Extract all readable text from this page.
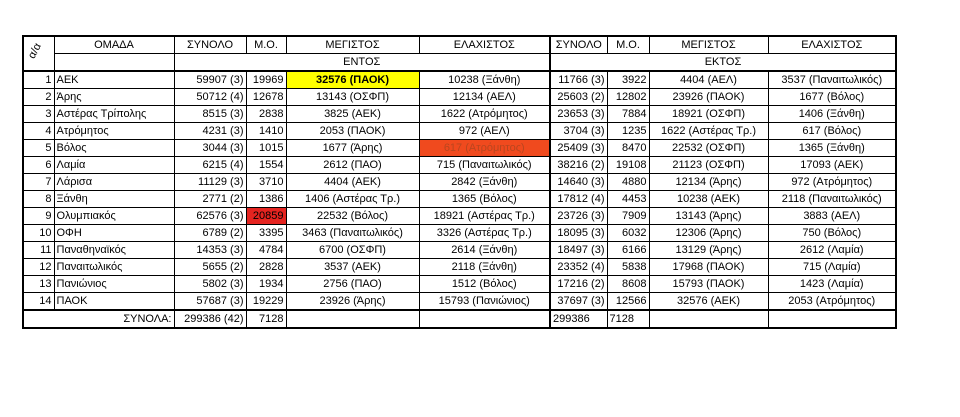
α/α	ΟΜΑΔΑ	ΣΥΝΟΛΟ	Μ.Ο.	ΜΕΓΙΣΤΟΣ	ΕΛΑΧΙΣΤΟΣ	ΣΥΝΟΛΟ	Μ.Ο.	ΜΕΓΙΣΤΟΣ	ΕΛΑΧΙΣΤΟΣ
		ΕΝΤΟΣ				ΕΚΤΟΣ			
1	ΑΕΚ	59907 (3)	19969	32576 (ΠΑΟΚ)	10238 (Ξάνθη)	11766 (3)	3922	4404 (ΑΕΛ)	3537 (Παναιτωλικός)
2	Άρης	50712 (4)	12678	13143 (ΟΣΦΠ)	12134 (ΑΕΛ)	25603 (2)	12802	23926 (ΠΑΟΚ)	1677 (Βόλος)
3	Αστέρας Τρίπολης	8515 (3)	2838	3825 (ΑΕΚ)	1622 (Ατρόμητος)	23653 (3)	7884	18921 (ΟΣΦΠ)	1406 (Ξάνθη)
4	Ατρόμητος	4231 (3)	1410	2053 (ΠΑΟΚ)	972 (ΑΕΛ)	3704 (3)	1235	1622 (Αστέρας Τρ.)	617 (Βόλος)
5	Βόλος	3044 (3)	1015	1677 (Άρης)	617 (Ατρόμητος)	25409 (3)	8470	22532 (ΟΣΦΠ)	1365 (Ξάνθη)
6	Λαμία	6215 (4)	1554	2612 (ΠΑΟ)	715 (Παναιτωλικός)	38216 (2)	19108	21123 (ΟΣΦΠ)	17093 (ΑΕΚ)
7	Λάρισα	11129 (3)	3710	4404 (ΑΕΚ)	2842 (Ξάνθη)	14640 (3)	4880	12134 (Άρης)	972 (Ατρόμητος)
8	Ξάνθη	2771 (2)	1386	1406 (Αστέρας Τρ.)	1365 (Βόλος)	17812 (4)	4453	10238 (ΑΕΚ)	2118 (Παναιτωλικός)
9	Ολυμπιακός	62576 (3)	20859	22532 (Βόλος)	18921 (Αστέρας Τρ.)	23726 (3)	7909	13143 (Άρης)	3883 (ΑΕΛ)
10	ΟΦΗ	6789 (2)	3395	3463 (Παναιτωλικός)	3326 (Αστέρας Τρ.)	18095 (3)	6032	12306 (Άρης)	750 (Βόλος)
11	Παναθηναϊκός	14353 (3)	4784	6700 (ΟΣΦΠ)	2614 (Ξάνθη)	18497 (3)	6166	13129 (Άρης)	2612 (Λαμία)
12	Παναιτωλικός	5655 (2)	2828	3537 (ΑΕΚ)	2118 (Ξάνθη)	23352 (4)	5838	17968 (ΠΑΟΚ)	715 (Λαμία)
13	Πανιώνιος	5802 (3)	1934	2756 (ΠΑΟ)	1512 (Βόλος)	17216 (2)	8608	15793 (ΠΑΟΚ)	1423 (Λαμία)
14	ΠΑΟΚ	57687 (3)	19229	23926 (Άρης)	15793 (Πανιώνιος)	37697 (3)	12566	32576 (ΑΕΚ)	2053 (Ατρόμητος)
ΣΥΝΟΛΑ:		299386 (42)	7128			299386	7128		
